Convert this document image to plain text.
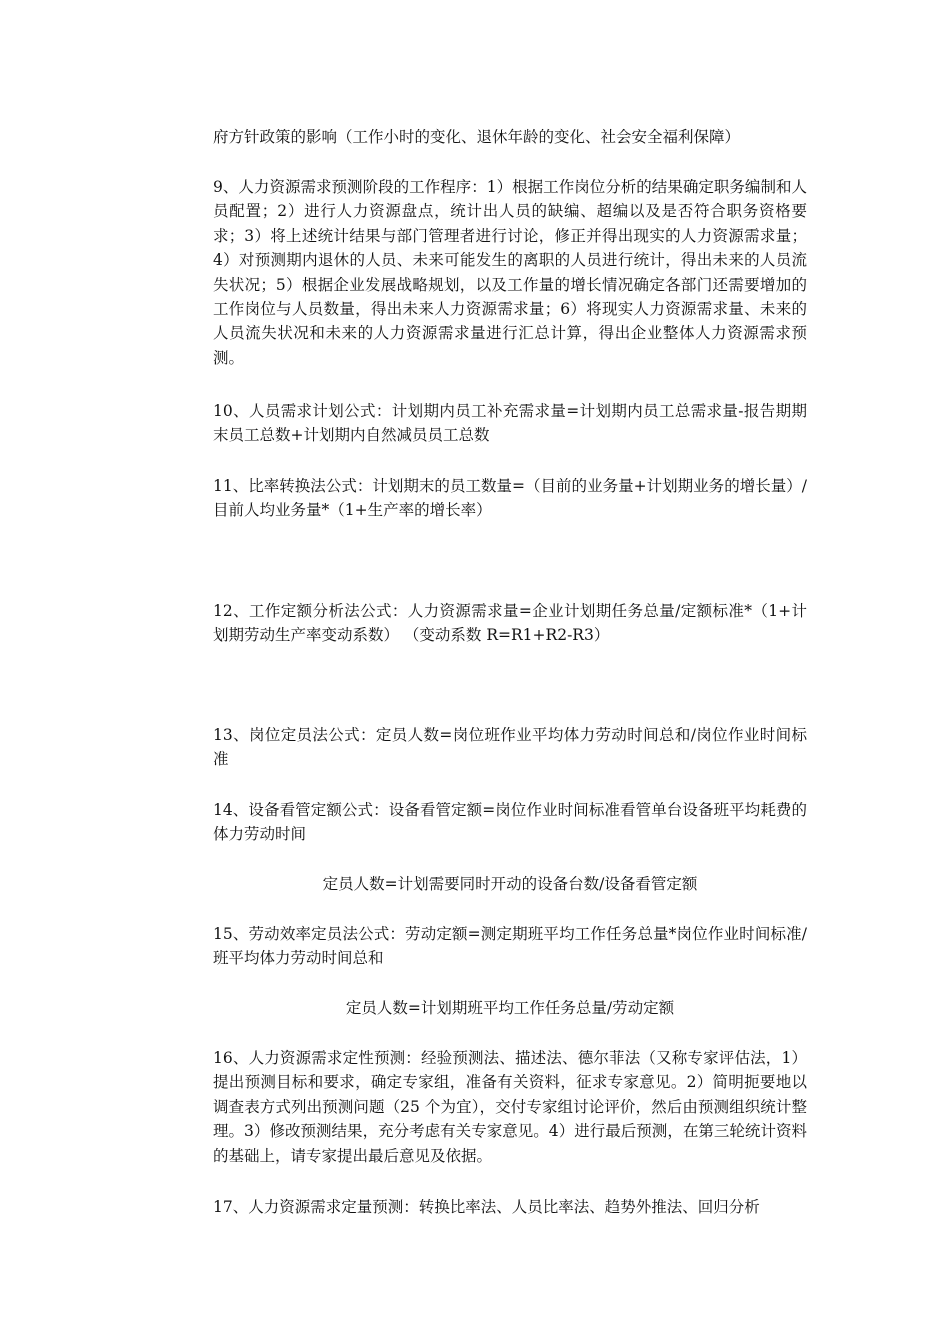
府方针政策的影响（工作小时的变化、退休年龄的变化、社会安全福利保障）

9、人力资源需求预测阶段的工作程序：1）根据工作岗位分析的结果确定职务编制和人员配置；2）进行人力资源盘点，统计出人员的缺编、超编以及是否符合职务资格要求；3）将上述统计结果与部门管理者进行讨论，修正并得出现实的人力资源需求量；4）对预测期内退休的人员、未来可能发生的离职的人员进行统计，得出未来的人员流失状况；5）根据企业发展战略规划，以及工作量的增长情况确定各部门还需要增加的工作岗位与人员数量，得出未来人力资源需求量；6）将现实人力资源需求量、未来的人员流失状况和未来的人力资源需求量进行汇总计算，得出企业整体人力资源需求预测。

10、人员需求计划公式：计划期内员工补充需求量=计划期内员工总需求量-报告期期末员工总数+计划期内自然减员员工总数

11、比率转换法公式：计划期末的员工数量=（目前的业务量+计划期业务的增长量）/目前人均业务量*（1+生产率的增长率）

12、工作定额分析法公式：人力资源需求量=企业计划期任务总量/定额标准*（1+计划期劳动生产率变动系数） （变动系数 R=R1+R2-R3）

13、岗位定员法公式：定员人数=岗位班作业平均体力劳动时间总和/岗位作业时间标准

14、设备看管定额公式：设备看管定额=岗位作业时间标准看管单台设备班平均耗费的体力劳动时间

定员人数=计划需要同时开动的设备台数/设备看管定额

15、劳动效率定员法公式：劳动定额=测定期班平均工作任务总量*岗位作业时间标准/班平均体力劳动时间总和

定员人数=计划期班平均工作任务总量/劳动定额

16、人力资源需求定性预测：经验预测法、描述法、德尔菲法（又称专家评估法，1）提出预测目标和要求，确定专家组，准备有关资料，征求专家意见。2）简明扼要地以调查表方式列出预测问题（25 个为宜），交付专家组讨论评价，然后由预测组织统计整理。3）修改预测结果，充分考虑有关专家意见。4）进行最后预测，在第三轮统计资料的基础上，请专家提出最后意见及依据。

17、人力资源需求定量预测：转换比率法、人员比率法、趋势外推法、回归分析
